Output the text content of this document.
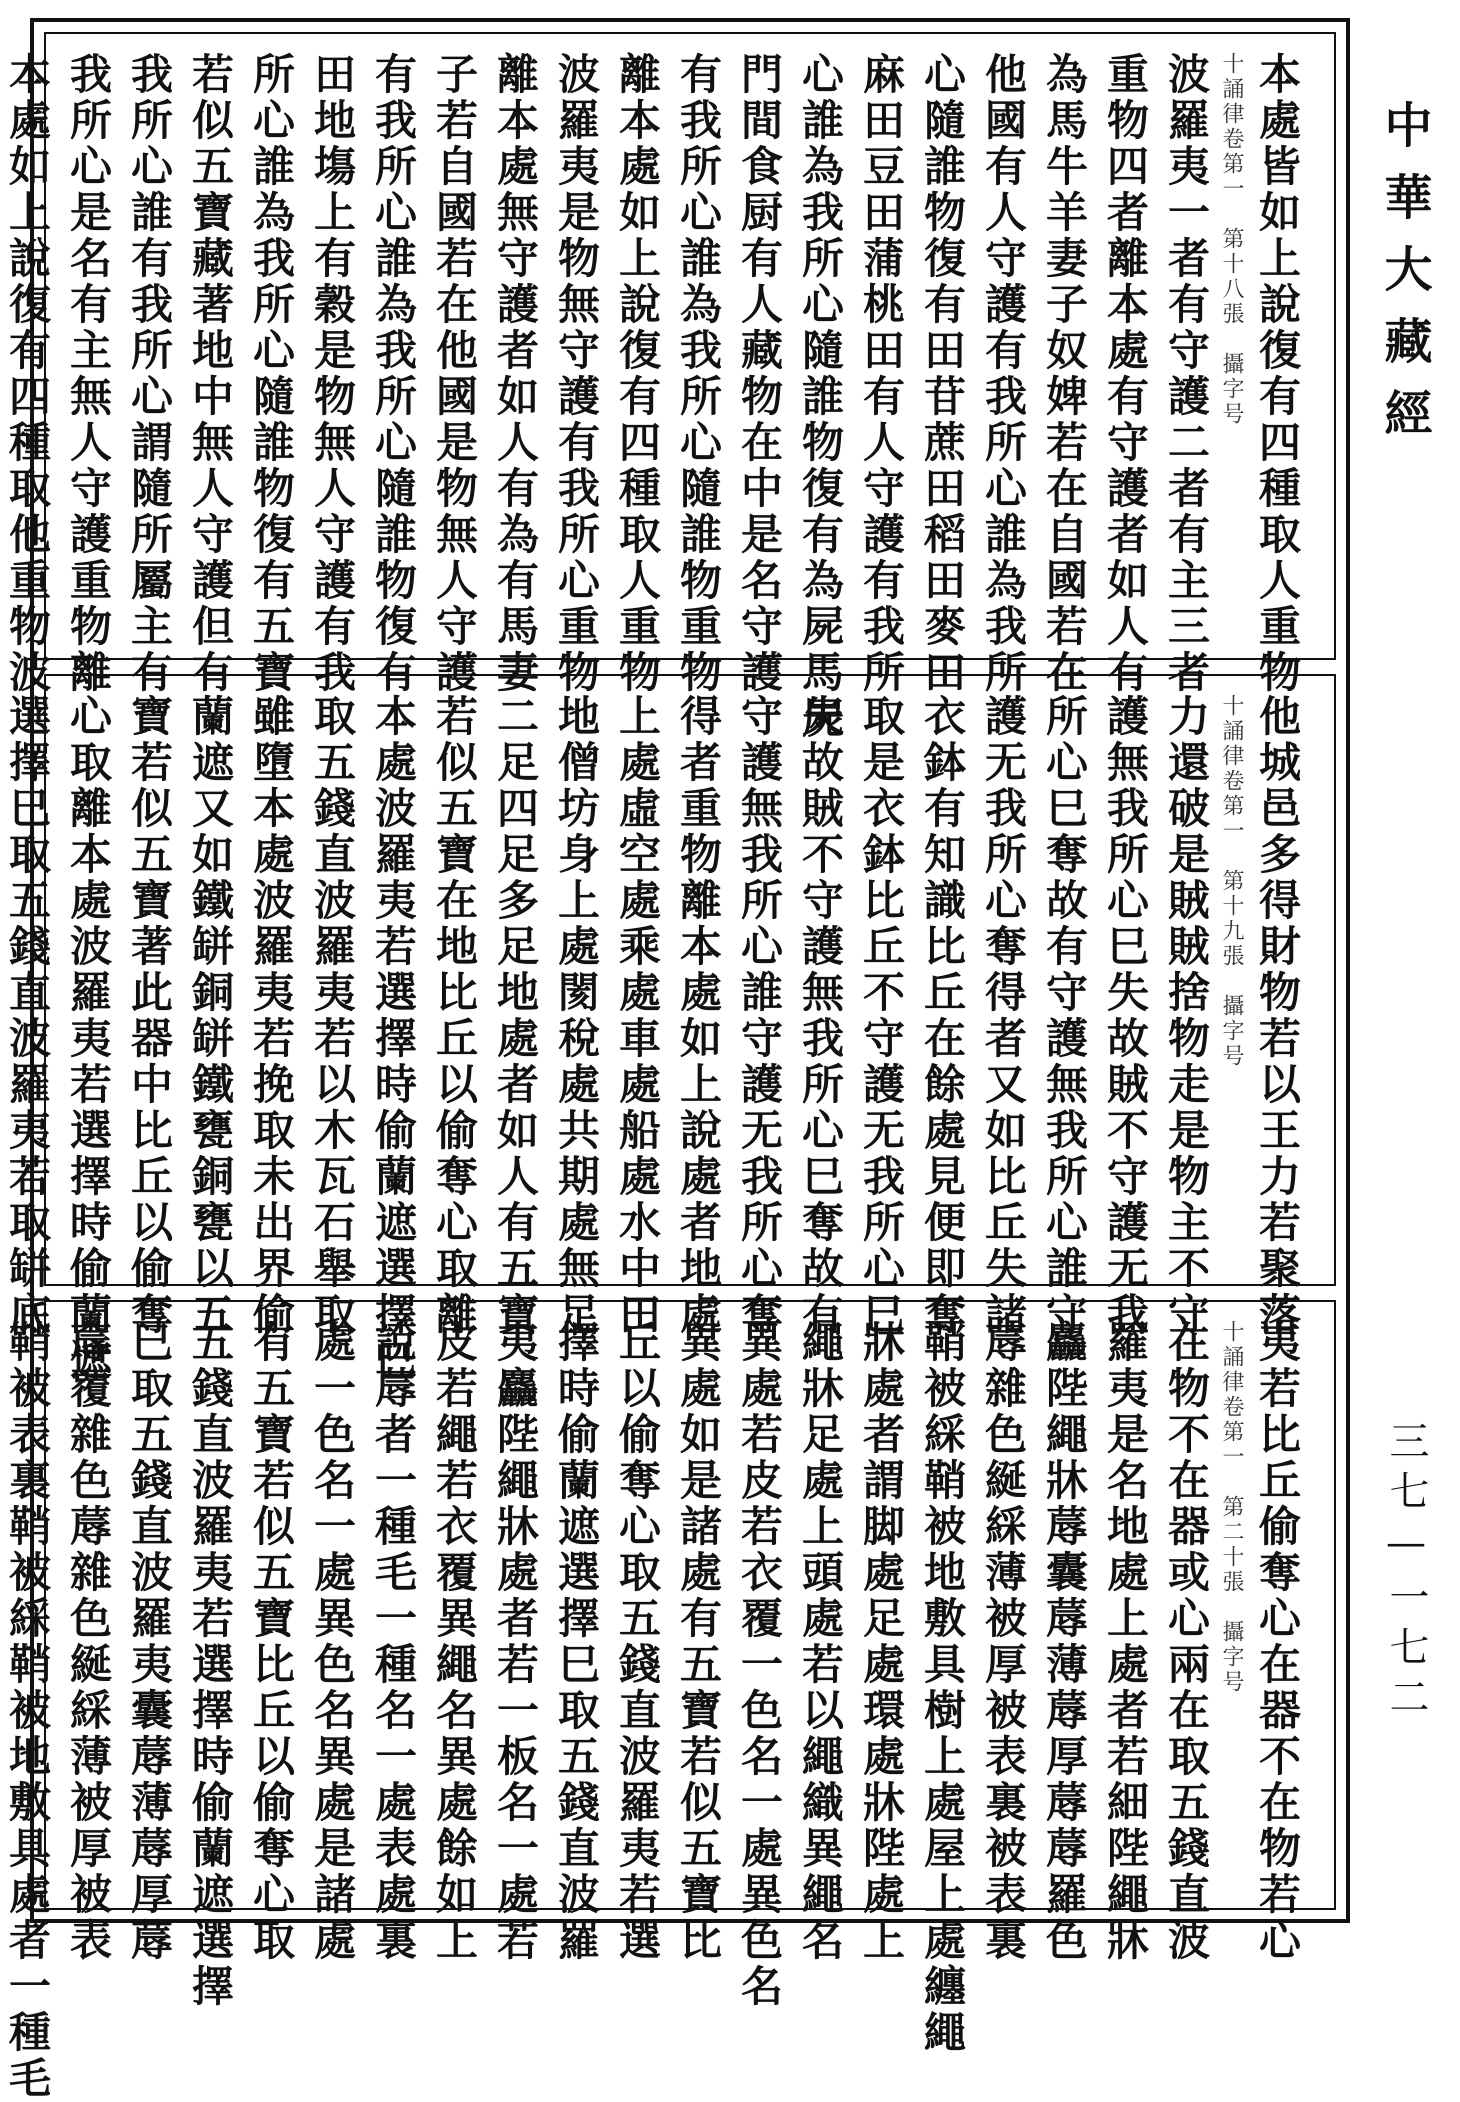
本處皆如上說復有四種取人重物
十誦律卷第一　第十八張　攝字号
波羅夷一者有守護二者有主三者
重物四者離本處有守護者如人有
為馬牛羊妻子奴婢若在自國若在
他國有人守護有我所心誰為我所
心隨誰物復有田苷蔗田稻田麥田
麻田豆田蒲桃田有人守護有我所
心誰為我所心隨誰物復有為屍馬屍
門間食厨有人藏物在中是名守護
有我所心誰為我所心隨誰物重物
離本處如上說復有四種取人重物
波羅夷是物無守護有我所心重物
離本處無守護者如人有為有馬妻
子若自國若在他國是物無人守護
有我所心誰為我所心隨誰物復有
田地塲上有穀是物無人守護有我
所心誰為我所心隨誰物復有五寶
若似五寶藏著地中無人守護但有
我所心誰有我所心謂隨所屬主有
我所心是名有主無人守護重物離
本處如上說復有四種取他重物波
他城邑多得財物若以王力若聚落
十誦律卷第一　第十九張　攝字号
力還破是賊賊捨物走是物主不守
護無我所心巳失故賊不守護无我
所心巳奪故有守護無我所心誰守
護无我所心奪得者又如比丘失諸
衣鉢有知識比丘在餘處見便即奪
取是衣鉢比丘不守護无我所心巳
失故賊不守護無我所心巳奪故有
守護無我所心誰守護无我所心奪
得者重物離本處如上說處者地處
上處虛空處乘處車處船處水中田
地僧坊身上處閡稅處共期處無足
二足四足多足地處者如人有五寶
若似五寶在地比丘以偷奪心取離
本處波羅夷若選擇時偷蘭遮選擇巳
取五錢直波羅夷若以木瓦石舉取
雖墮本處波羅夷若挽取未出界偷
蘭遮又如鐵缾銅缾鐵甕銅甕以五
寶若似五寶著此器中比丘以偷奪
心取離本處波羅夷若選擇時偷蘭遮
選擇巳取五錢直波羅夷若取缾底
夷若比丘偷奪心在器不在物若心
十誦律卷第一　第二十張　攝字号
在物不在器或心兩在取五錢直波
羅夷是名地處上處者若細陛繩牀
麤陛繩牀蓐囊蓐薄蓐厚蓐蓐羅色
蓐雜色綖綵薄被厚被表裏被表裏
鞘被綵鞘被地敷具樹上處屋上處纏繩
牀處者謂脚處足處環處牀陛處上
繩牀足處上頭處若以繩織異繩名
異處若皮若衣覆一色名一處異色名
異處如是諸處有五寶若似五寶比
丘以偷奪心取五錢直波羅夷若選
擇時偷蘭遮選擇巳取五錢直波羅
夷麤陛繩牀處者若一板名一處若
皮若繩若衣覆異繩名異處餘如上
說蓐者一種毛一種名一處表處裏
處一色名一處異色名異處是諸處
有五寶若似五寶比丘以偷奪心取
五錢直波羅夷若選擇時偷蘭遮選擇
巳取五錢直波羅夷囊蓐薄蓐厚蓐
蓐覆雜色蓐雜色綖綵薄被厚被表
鞘被表裏鞘被綵鞘被地敷具處者一種毛
中華大藏經
三七—一七二
